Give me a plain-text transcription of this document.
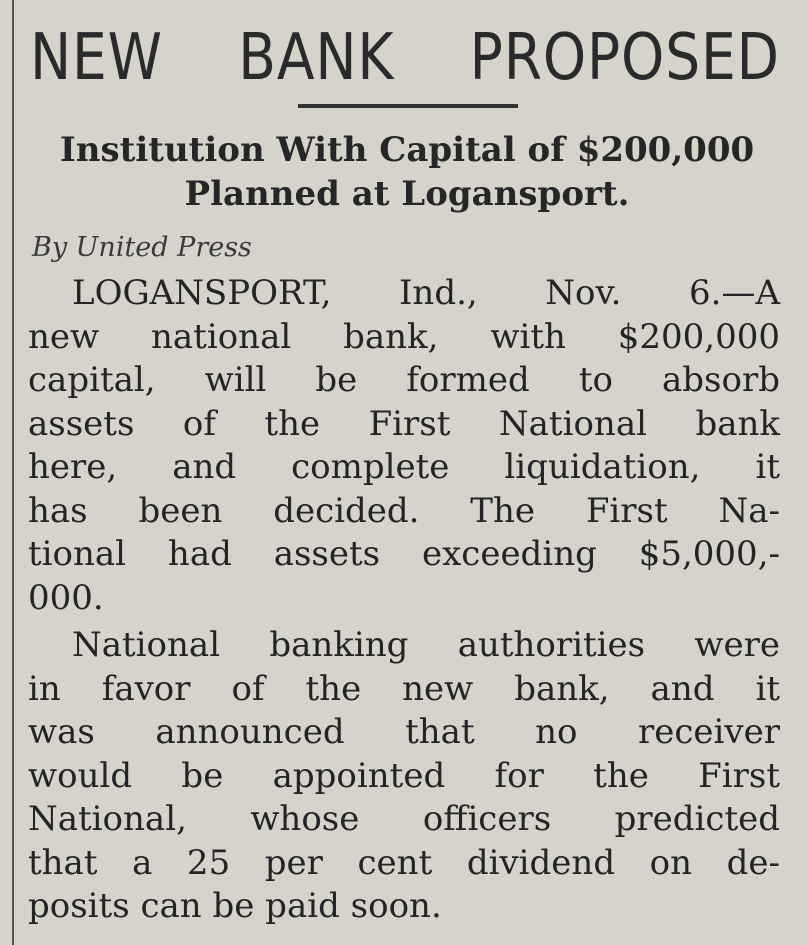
NEW BANK PROPOSED
Institution With Capital of $200,000
Planned at Logansport.
By United Press
LOGANSPORT, Ind., Nov. 6.—A
new national bank, with $200,000
capital, will be formed to absorb
assets of the First National bank
here, and complete liquidation, it
has been decided. The First Na-
tional had assets exceeding $5,000,-
000.
National banking authorities were
in favor of the new bank, and it
was announced that no receiver
would be appointed for the First
National, whose officers predicted
that a 25 per cent dividend on de-
posits can be paid soon.
